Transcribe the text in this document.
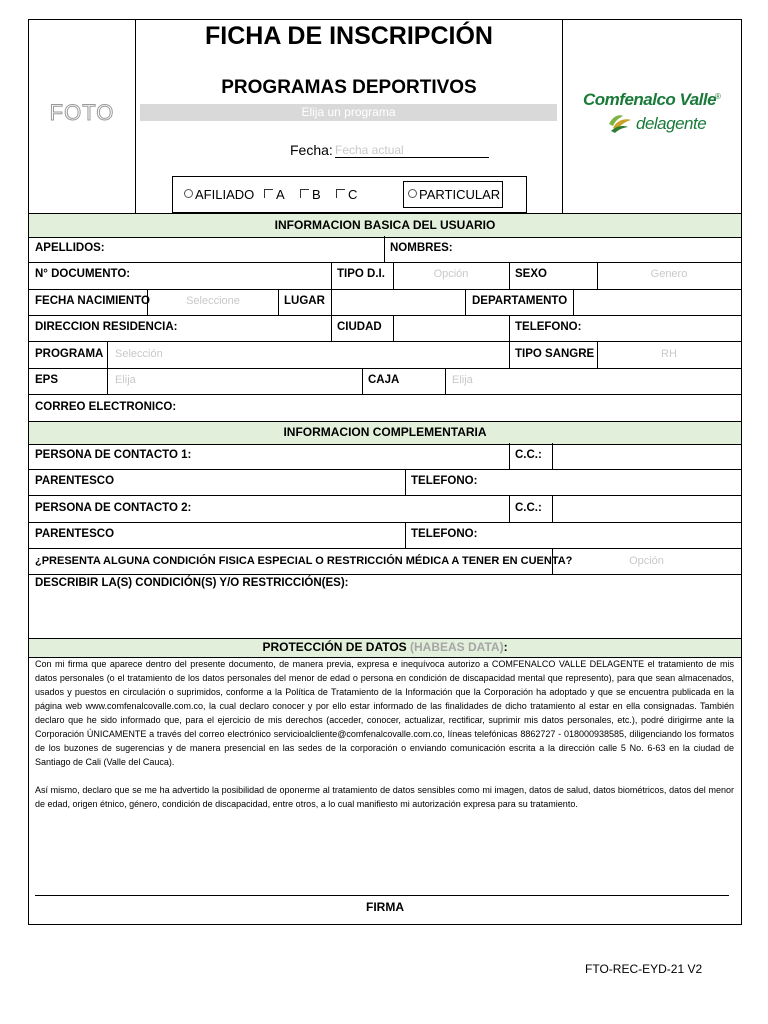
FOTO
FICHA DE INSCRIPCIÓN
PROGRAMAS DEPORTIVOS
Elija un programa
Fecha: Fecha actual
AFILIADO	A	B	C	PARTICULAR
Comfenalco Valle
®
delagente
INFORMACION BASICA DEL USUARIO
APELLIDOS:	NOMBRES:
N° DOCUMENTO:	TIPO D.I.	Opción	SEXO	Genero
FECHA NACIMIENTO	Seleccione	LUGAR	DEPARTAMENTO
DIRECCION RESIDENCIA:	CIUDAD	TELEFONO:
PROGRAMA Selección	TIPO SANGRE	RH
EPS	Elija	CAJA	Elija
CORREO ELECTRONICO:
INFORMACION COMPLEMENTARIA
PERSONA DE CONTACTO 1:	C.C.:
PARENTESCO	TELEFONO:
PERSONA DE CONTACTO 2:	C.C.:
PARENTESCO	TELEFONO:
¿PRESENTA ALGUNA CONDICIÓN FISICA ESPECIAL O RESTRICCIÓN MÉDICA A TENER EN CUENTA?	Opción
DESCRIBIR LA(S) CONDICIÓN(S) Y/O RESTRICCIÓN(ES):
PROTECCIÓN DE DATOS (HABEAS DATA):
Con mi firma que aparece dentro del presente documento, de manera previa, expresa e inequívoca autorizo a COMFENALCO VALLE DELAGENTE el tratamiento de mis datos personales (o el tratamiento de los datos personales del menor de edad o persona en condición de discapacidad mental que represento), para que sean almacenados, usados y puestos en circulación o suprimidos, conforme a la Política de Tratamiento de la Información que la Corporación ha adoptado y que se encuentra publicada en la página web www.comfenalcovalle.com.co, la cual declaro conocer y por ello estar informado de las finalidades de dicho tratamiento al estar en ella consignadas. También declaro que he sido informado que, para el ejercicio de mis derechos (acceder, conocer, actualizar, rectificar, suprimir mis datos personales, etc.), podré dirigirme ante la Corporación ÚNICAMENTE a través del correo electrónico servicioalcliente@comfenalcovalle.com.co, líneas telefónicas 8862727 - 018000938585, diligenciando los formatos de los buzones de sugerencias y de manera presencial en las sedes de la corporación o enviando comunicación escrita a la dirección calle 5 No. 6-63 en la ciudad de Santiago de Cali (Valle del Cauca).
Así mismo, declaro que se me ha advertido la posibilidad de oponerme al tratamiento de datos sensibles como mi imagen, datos de salud, datos biométricos, datos del menor de edad, origen étnico, género, condición de discapacidad, entre otros, a lo cual manifiesto mi autorización expresa para su tratamiento.
FIRMA
FTO-REC-EYD-21 V2
